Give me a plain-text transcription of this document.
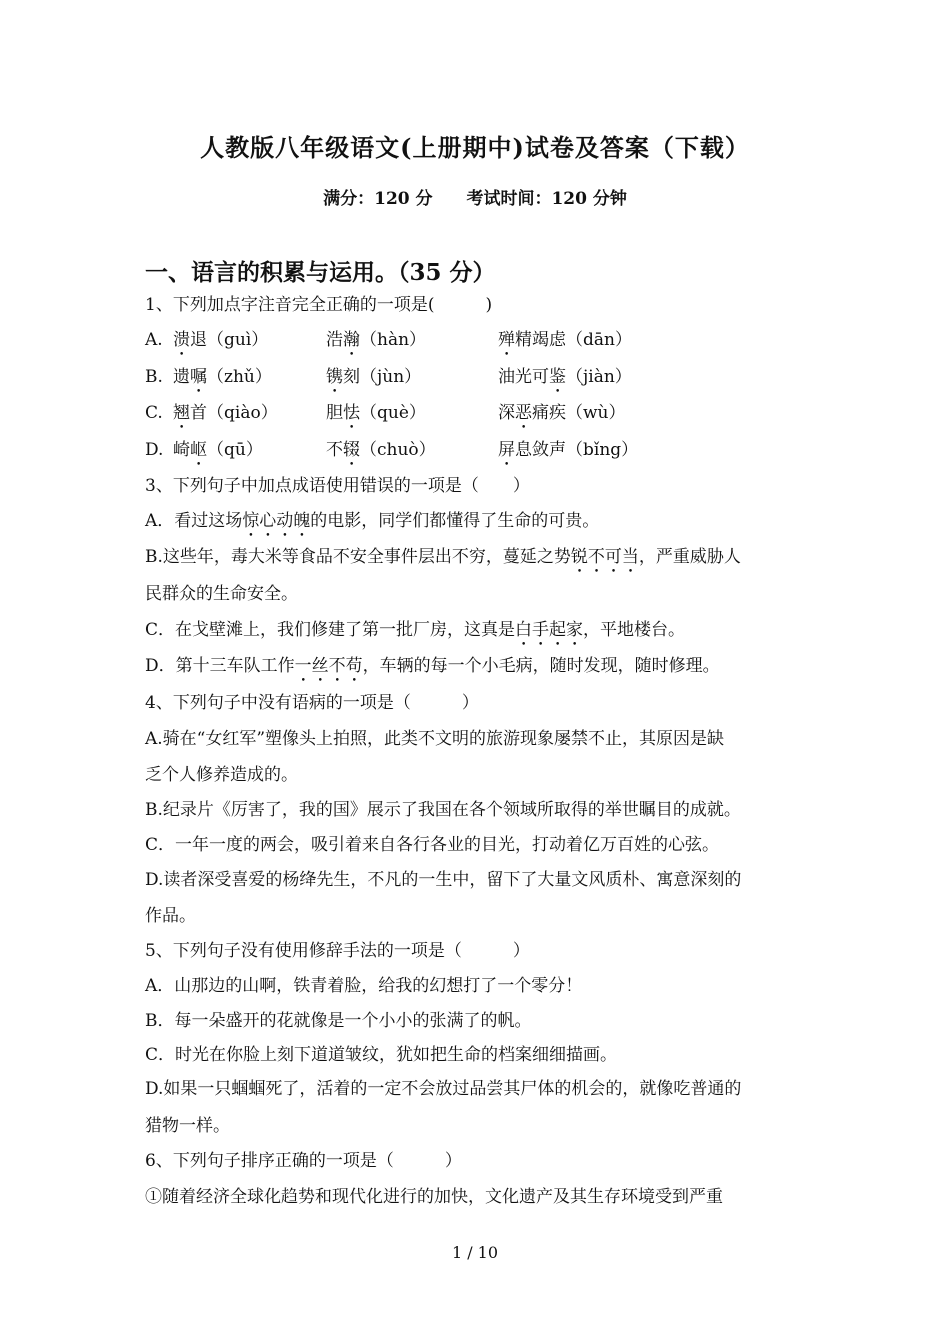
人教版八年级语文(上册期中)试卷及答案（下载）
满分：120 分 考试时间：120 分钟
一、语言的积累与运用。（35 分）
1、下列加点字注音完全正确的一项是(　　　)
A. 溃退（guì）	浩瀚（hàn）	殚精竭虑（dān）
B. 遗嘱（zhǔ）	镌刻（jùn）	油光可鉴（jiàn）
C. 翘首（qiào）	胆怯（què）	深恶痛疾（wù）
D. 崎岖（qū）	不辍（chuò）	屏息敛声（bǐng）
3、下列句子中加点成语使用错误的一项是（　　）
A．看过这场惊心动魄的电影，同学们都懂得了生命的可贵。
B.这些年，毒大米等食品不安全事件层出不穷，蔓延之势锐不可当，严重威胁人
民群众的生命安全。
C．在戈壁滩上，我们修建了第一批厂房，这真是白手起家，平地楼台。
D．第十三车队工作一丝不苟，车辆的每一个小毛病，随时发现，随时修理。
4、下列句子中没有语病的一项是（　　　）
A.骑在“女红军”塑像头上拍照，此类不文明的旅游现象屡禁不止，其原因是缺
乏个人修养造成的。
B.纪录片《厉害了，我的国》展示了我国在各个领域所取得的举世瞩目的成就。
C．一年一度的两会，吸引着来自各行各业的目光，打动着亿万百姓的心弦。
D.读者深受喜爱的杨绛先生，不凡的一生中，留下了大量文风质朴、寓意深刻的
作品。
5、下列句子没有使用修辞手法的一项是（　　　）
A．山那边的山啊，铁青着脸，给我的幻想打了一个零分！
B．每一朵盛开的花就像是一个小小的张满了的帆。
C．时光在你脸上刻下道道皱纹，犹如把生命的档案细细描画。
D.如果一只蝈蝈死了，活着的一定不会放过品尝其尸体的机会的，就像吃普通的
猎物一样。
6、下列句子排序正确的一项是（　　　）
①随着经济全球化趋势和现代化进行的加快，文化遗产及其生存环境受到严重
1 / 10
